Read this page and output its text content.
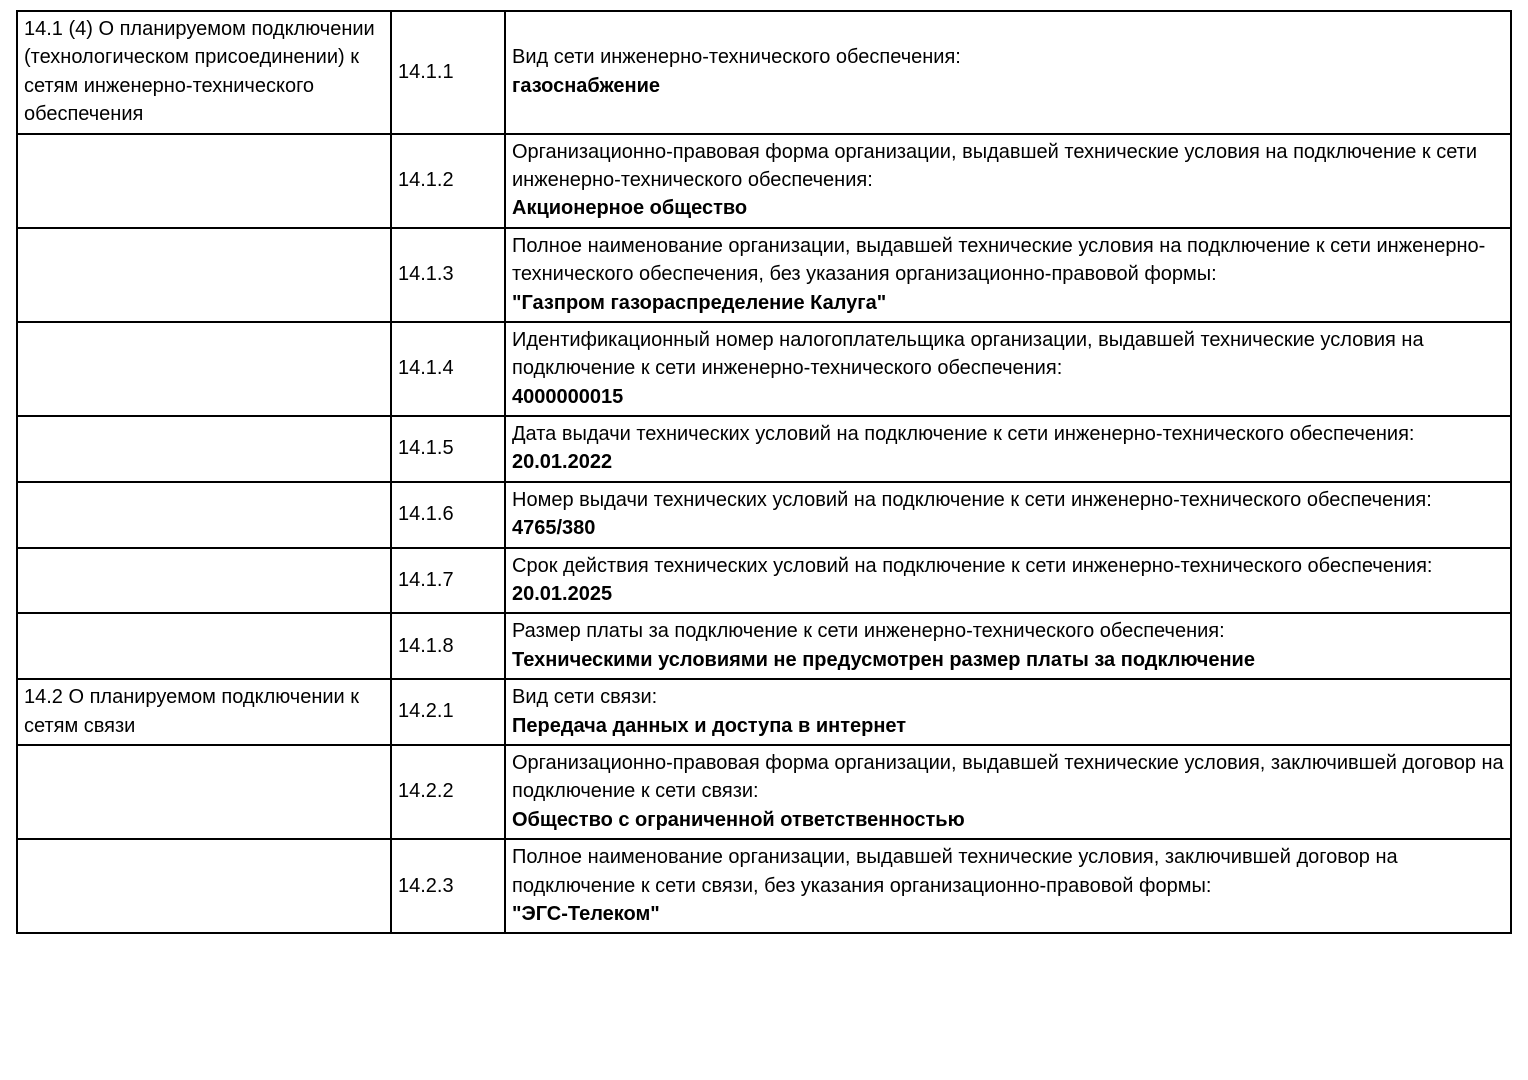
14.1 (4) О планируемом подключении (технологическом присоединении) к сетям инженерно-технического обеспечения	14.1.1	Вид сети инженерно-технического обеспечения:
газоснабжение

	14.1.2	Организационно-правовая форма организации, выдавшей технические условия на подключение к сети инженерно-технического обеспечения:
Акционерное общество

	14.1.3	Полное наименование организации, выдавшей технические условия на подключение к сети инженерно-технического обеспечения, без указания организационно-правовой формы:
"Газпром газораспределение Калуга"

	14.1.4	Идентификационный номер налогоплательщика организации, выдавшей технические условия на подключение к сети инженерно-технического обеспечения:
4000000015

	14.1.5	Дата выдачи технических условий на подключение к сети инженерно-технического обеспечения:
20.01.2022

	14.1.6	Номер выдачи технических условий на подключение к сети инженерно-технического обеспечения:
4765/380

	14.1.7	Срок действия технических условий на подключение к сети инженерно-технического обеспечения:
20.01.2025

	14.1.8	Размер платы за подключение к сети инженерно-технического обеспечения:
Техническими условиями не предусмотрен размер платы за подключение

14.2 О планируемом подключении к сетям связи	14.2.1	Вид сети связи:
Передача данных и доступа в интернет

	14.2.2	Организационно-правовая форма организации, выдавшей технические условия, заключившей договор на подключение к сети связи:
Общество с ограниченной ответственностью

	14.2.3	Полное наименование организации, выдавшей технические условия, заключившей договор на подключение к сети связи, без указания организационно-правовой формы:
"ЭГС-Телеком"
